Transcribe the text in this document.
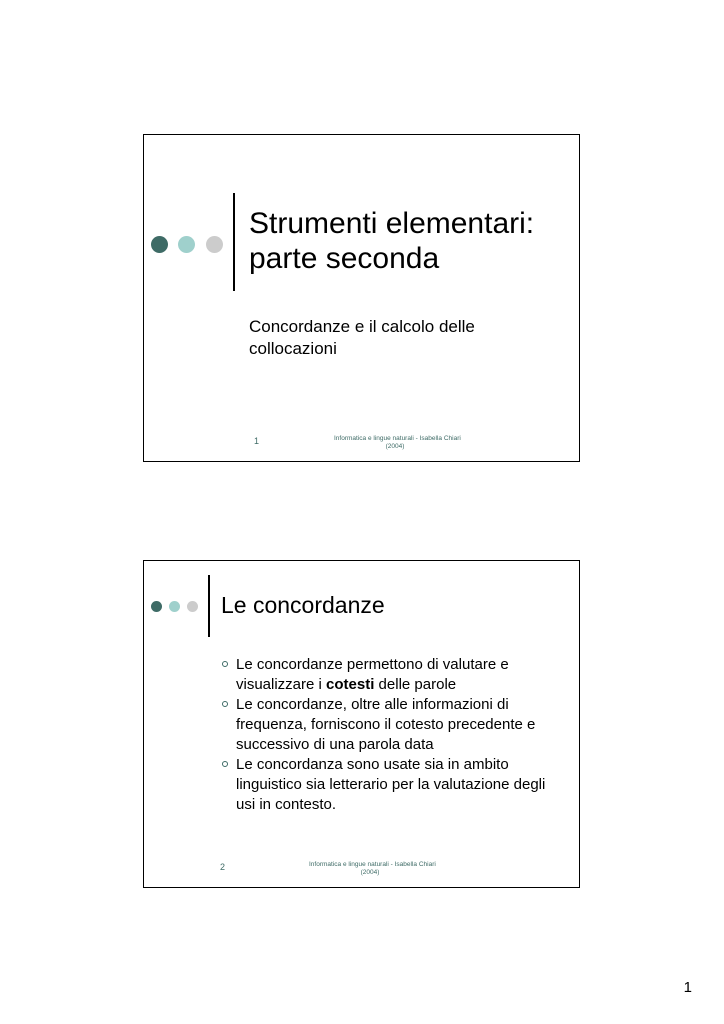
Strumenti elementari:
parte seconda
Concordanze e il calcolo delle
collocazioni
1	Informatica e lingue naturali - Isabella Chiari
(2004)
Le concordanze
Le concordanze permettono di valutare e visualizzare i cotesti delle parole
Le concordanze, oltre alle informazioni di frequenza, forniscono il cotesto precedente e successivo di una parola data
Le concordanza sono usate sia in ambito linguistico sia letterario per la valutazione degli usi in contesto.
2	Informatica e lingue naturali - Isabella Chiari
(2004)
1
